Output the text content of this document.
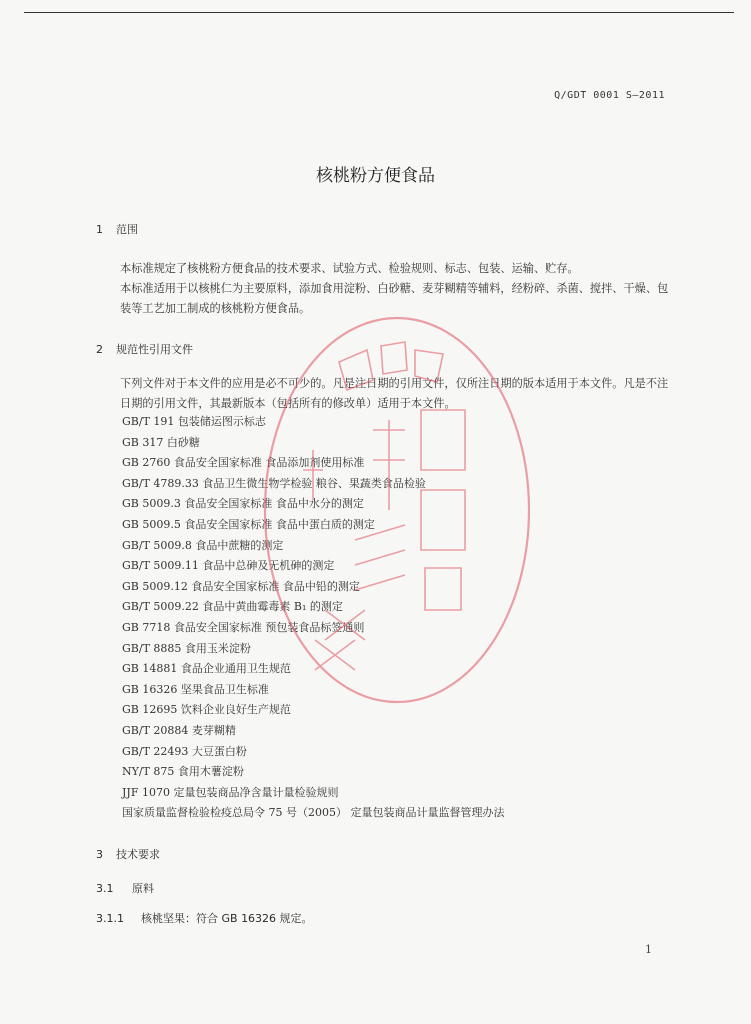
Q/GDT 0001 S—2011
核桃粉方便食品
1 范围
本标准规定了核桃粉方便食品的技术要求、试验方式、检验规则、标志、包装、运输、贮存。
本标准适用于以核桃仁为主要原料，添加食用淀粉、白砂糖、麦芽糊精等辅料，经粉碎、杀菌、搅拌、干燥、包装等工艺加工制成的核桃粉方便食品。
2 规范性引用文件
下列文件对于本文件的应用是必不可少的。凡是注日期的引用文件，仅所注日期的版本适用于本文件。凡是不注日期的引用文件，其最新版本（包括所有的修改单）适用于本文件。
GB/T 191 包装储运图示标志
GB 317 白砂糖
GB 2760 食品安全国家标准 食品添加剂使用标准
GB/T 4789.33 食品卫生微生物学检验 粮谷、果蔬类食品检验
GB 5009.3 食品安全国家标准 食品中水分的测定
GB 5009.5 食品安全国家标准 食品中蛋白质的测定
GB/T 5009.8 食品中蔗糖的测定
GB/T 5009.11 食品中总砷及无机砷的测定
GB 5009.12 食品安全国家标准 食品中铅的测定
GB/T 5009.22 食品中黄曲霉毒素 B₁ 的测定
GB 7718 食品安全国家标准 预包装食品标签通则
GB/T 8885 食用玉米淀粉
GB 14881 食品企业通用卫生规范
GB 16326 坚果食品卫生标准
GB 12695 饮料企业良好生产规范
GB/T 20884 麦芽糊精
GB/T 22493 大豆蛋白粉
NY/T 875 食用木薯淀粉
JJF 1070 定量包装商品净含量计量检验规则
国家质量监督检验检疫总局令 75 号（2005） 定量包装商品计量监督管理办法
3 技术要求
3.1 原料
3.1.1 核桃坚果：符合 GB 16326 规定。
1
